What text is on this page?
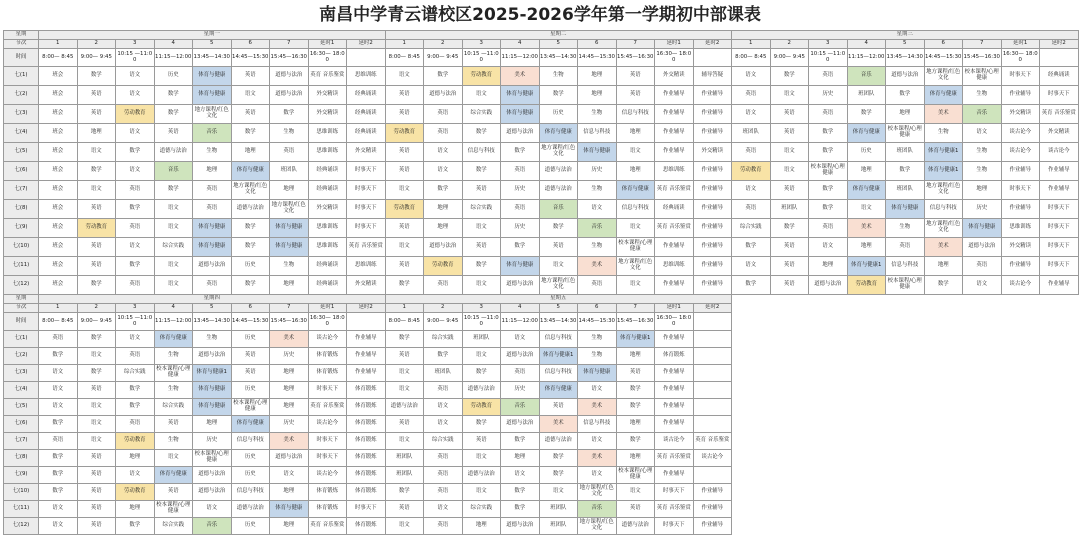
南昌中学青云谱校区2025-2026学年第一学期初中部课表
星期	星期一									星期二									星期三								
节次	1	2	3	4	5	6	7	延时1	延时2	1	2	3	4	5	6	7	延时1	延时2	1	2	3	4	5	6	7	延时1	延时2
时间	8:00— 8:45	9:00— 9:45	10:15 —11:00	11:15—12:00	13:45—14:30	14:45—15:30	15:45—16:30	16:30— 18:00		8:00— 8:45	9:00— 9:45	10:15 —11:00	11:15—12:00	13:45—14:30	14:45—15:30	15:45—16:30	16:30— 18:00		8:00— 8:45	9:00— 9:45	10:15 —11:00	11:15—12:00	13:45—14:30	14:45—15:30	15:45—16:30	16:30— 18:00	
七(1)	班会	数学	语文	历史	体育与健康	英语	道德与法治	英育 音乐鉴赏	思维训练	语文	数学	劳动教育	美术	生物	地理	英语	外交精读	辅导答疑	语文	数学	英语	音乐	道德与法治	地方课程/红色文化	校本课程/心理健康	时事天下	经典诵读
七(2)	班会	英语	语文	数学	体育与健康	语文	道德与法治	外交精读	经典诵读	英语	道德与法治	语文	体育与健康	数学	地理	英语	作业辅导	作业辅导	英语	语文	历史	班团队	数学	体育与健康	生物	作业辅导	时事天下
七(3)	班会	英语	劳动教育	数学	地方课程/红色文化	英语	数学	外交精读	经典诵读	英语	英语	综合实践	体育与健康	历史	生物	信息与科技	作业辅导	作业辅导	语文	英语	英语	数学	地理	美术	音乐	外交精读	英育 音乐鉴赏
七(4)	班会	地理	语文	英语	音乐	数学	生物	思维训练	经典诵读	劳动教育	英语	数学	道德与法治	体育与健康	信息与科技	地理	作业辅导	作业辅导	班团队	英语	数学	体育与健康	校本课程/心理健康	生物	语文	谈古论今	外交精读
七(5)	班会	语文	数学	道德与法治	生物	地理	英语	思维训练	外交精读	英语	语文	信息与科技	数学	地方课程/红色文化	体育与健康	语文	作业辅导	外交精读	英语	语文	数学	历史	班团队	体育与健康1	生物	谈古论今	谈古论今
七(6)	班会	数学	语文	音乐	地理	体育与健康	班团队	经典诵读	时事天下	英语	语文	数学	英语	道德与法治	历史	地理	思维训练	作业辅导	劳动教育	语文	校本课程/心理健康	地理	数学	体育与健康1	生物	作业辅导	作业辅导
七(7)	班会	语文	英语	数学	英语	地方课程/红色文化	地理	经典诵读	时事天下	语文	数学	英语	历史	道德与法治	生物	体育与健康	英育 音乐鉴赏	作业辅导	语文	英语	数学	体育与健康	班团队	地方课程/红色文化	地理	时事天下	作业辅导
七(8)	班会	英语	数学	语文	英语	道德与法治	地方课程/红色文化	外交精读	时事天下	劳动教育	地理	综合实践	英语	音乐	语文	信息与科技	经典诵读	作业辅导	英语	班团队	数学	语文	体育与健康	信息与科技	历史	作业辅导	时事天下
七(9)	班会	劳动教育	英语	语文	体育与健康	数学	体育与健康	思维训练	时事天下	英语	地理	语文	历史	数学	音乐	语文	英育 音乐鉴赏	作业辅导	综合实践	数学	英语	美术	生物	地方课程/红色文化	体育与健康	思维训练	时事天下
七(10)	班会	英语	语文	综合实践	体育与健康	数学	体育与健康	思维训练	英育 音乐鉴赏	语文	道德与法治	英语	数学	英语	生物	校本课程/心理健康	作业辅导	作业辅导	数学	英语	语文	地理	英语	美术	道德与法治	外交精读	时事天下
七(11)	班会	英语	数学	语文	道德与法治	历史	生物	经典诵读	思维训练	英语	劳动教育	数学	体育与健康	语文	美术	地方课程/红色文化	思维训练	作业辅导	语文	英语	地理	体育与健康1	信息与科技	地理	英语	作业辅导	时事天下
七(12)	班会	数学	英语	语文	英语	数学	地理	经典诵读	外交精读	数学	英语	语文	道德与法治	地方课程/红色文化	英语	语文	作业辅导	作业辅导	数学	英语	道德与法治	劳动教育	校本课程/心理健康	数学	语文	谈古论今	作业辅导
星期	星期四									星期五								
节次	1	2	3	4	5	6	7	延时1	延时2	1	2	3	4	5	6	7	延时1	延时2
时间	8:00— 8:45	9:00— 9:45	10:15 —11:00	11:15—12:00	13:45—14:30	14:45—15:30	15:45—16:30	16:30— 18:00		8:00— 8:45	9:00— 9:45	10:15 —11:00	11:15—12:00	13:45—14:30	14:45—15:30	15:45—16:30	16:30— 18:00	
七(1)	英语	数学	语文	体育与健康	生物	历史	美术	谈古论今	作业辅导	数学	综合实践	班团队	语文	信息与科技	生物	体育与健康1	作业辅导	
七(2)	数学	语文	英语	生物	道德与法治	英语	历史	体育锻炼	作业辅导	英语	数学	语文	道德与法治	体育与健康1	生物	地理	体育锻炼	
七(3)	语文	数学	综合实践	校本课程/心理健康	体育与健康1	英语	地理	体育锻炼	作业辅导	语文	班团队	数学	英语	信息与科技	体育与健康	英语	作业辅导	
七(4)	语文	英语	数学	生物	体育与健康	历史	地理	时事天下	体育锻炼	语文	英语	道德与法治	历史	体育与健康	语文	数学	作业辅导	
七(5)	语文	语文	数学	综合实践	体育与健康	校本课程/心理健康	地理	英育 音乐鉴赏	体育锻炼	道德与法治	语文	劳动教育	音乐	英语	美术	数学	作业辅导	
七(6)	数学	语文	英语	英语	地理	体育与健康	历史	谈古论今	体育锻炼	英语	语文	数学	道德与法治	美术	信息与科技	地理	作业辅导	
七(7)	英语	语文	劳动教育	生物	历史	信息与科技	美术	时事天下	体育锻炼	语文	综合实践	英语	数学	道德与法治	语文	数学	谈古论今	英育 音乐鉴赏
七(8)	数学	英语	地理	语文	校本课程/心理健康	历史	道德与法治	时事天下	体育锻炼	班团队	英语	语文	地理	数学	美术	地理	英育 音乐鉴赏	谈古论今
七(9)	数学	英语	语文	体育与健康	道德与法治	历史	语文	谈古论今	体育锻炼	班团队	英语	道德与法治	语文	数学	语文	校本课程/心理健康	作业辅导	
七(10)	数学	英语	劳动教育	英语	道德与法治	信息与科技	地理	体育锻炼	体育锻炼	数学	英语	语文	数学	语文	地方课程/红色文化	语文	时事天下	作业辅导
七(11)	语文	英语	地理	校本课程/心理健康	语文	道德与法治	体育与健康	体育锻炼	时事天下	英语	语文	综合实践	数学	班团队	音乐	英语	英育 音乐鉴赏	作业辅导
七(12)	语文	英语	数学	综合实践	音乐	历史	地理	英育 音乐鉴赏	体育锻炼	语文	英语	地理	道德与法治	班团队	地方课程/红色文化	道德与法治	时事天下	作业辅导
